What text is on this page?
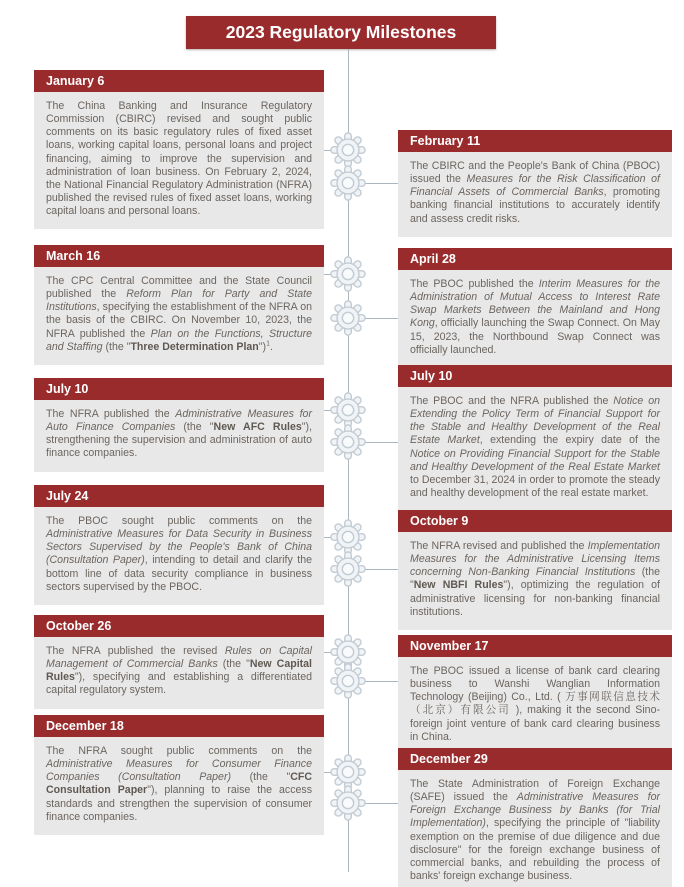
2023 Regulatory Milestones
January 6
The China Banking and Insurance Regulatory Commission (CBIRC) revised and sought public comments on its basic regulatory rules of fixed asset loans, working capital loans, personal loans and project financing, aiming to improve the supervision and administration of loan business. On February 2, 2024, the National Financial Regulatory Administration (NFRA) published the revised rules of fixed asset loans, working capital loans and personal loans.
March 16
The CPC Central Committee and the State Council published the Reform Plan for Party and State Institutions, specifying the establishment of the NFRA on the basis of the CBIRC. On November 10, 2023, the NFRA published the Plan on the Functions, Structure and Staffing (the "Three Determination Plan")$^1$.
July 10
The NFRA published the Administrative Measures for Auto Finance Companies (the "New AFC Rules"), strengthening the supervision and administration of auto finance companies.
July 24
The PBOC sought public comments on the Administrative Measures for Data Security in Business Sectors Supervised by the People's Bank of China (Consultation Paper), intending to detail and clarify the bottom line of data security compliance in business sectors supervised by the PBOC.
October 26
The NFRA published the revised Rules on Capital Management of Commercial Banks (the "New Capital Rules"), specifying and establishing a differentiated capital regulatory system.
December 18
The NFRA sought public comments on the Administrative Measures for Consumer Finance Companies (Consultation Paper) (the "CFC Consultation Paper"), planning to raise the access standards and strengthen the supervision of consumer finance companies.
February 11
The CBIRC and the People's Bank of China (PBOC) issued the Measures for the Risk Classification of Financial Assets of Commercial Banks, promoting banking financial institutions to accurately identify and assess credit risks.
April 28
The PBOC published the Interim Measures for the Administration of Mutual Access to Interest Rate Swap Markets Between the Mainland and Hong Kong, officially launching the Swap Connect. On May 15, 2023, the Northbound Swap Connect was officially launched.
July 10
The PBOC and the NFRA published the Notice on Extending the Policy Term of Financial Support for the Stable and Healthy Development of the Real Estate Market, extending the expiry date of the Notice on Providing Financial Support for the Stable and Healthy Development of the Real Estate Market to December 31, 2024 in order to promote the steady and healthy development of the real estate market.
October 9
The NFRA revised and published the Implementation Measures for the Administrative Licensing Items concerning Non-Banking Financial Institutions (the "New NBFI Rules"), optimizing the regulation of administrative licensing for non-banking financial institutions.
November 17
The PBOC issued a license of bank card clearing business to Wanshi Wanglian Information Technology (Beijing) Co., Ltd. ( 万事网联信息技术（北京）有限公司 ), making it the second Sino-foreign joint venture of bank card clearing business in China.
December 29
The State Administration of Foreign Exchange (SAFE) issued the Administrative Measures for Foreign Exchange Business by Banks (for Trial Implementation), specifying the principle of "liability exemption on the premise of due diligence and due disclosure" for the foreign exchange business of commercial banks, and rebuilding the process of banks' foreign exchange business.
